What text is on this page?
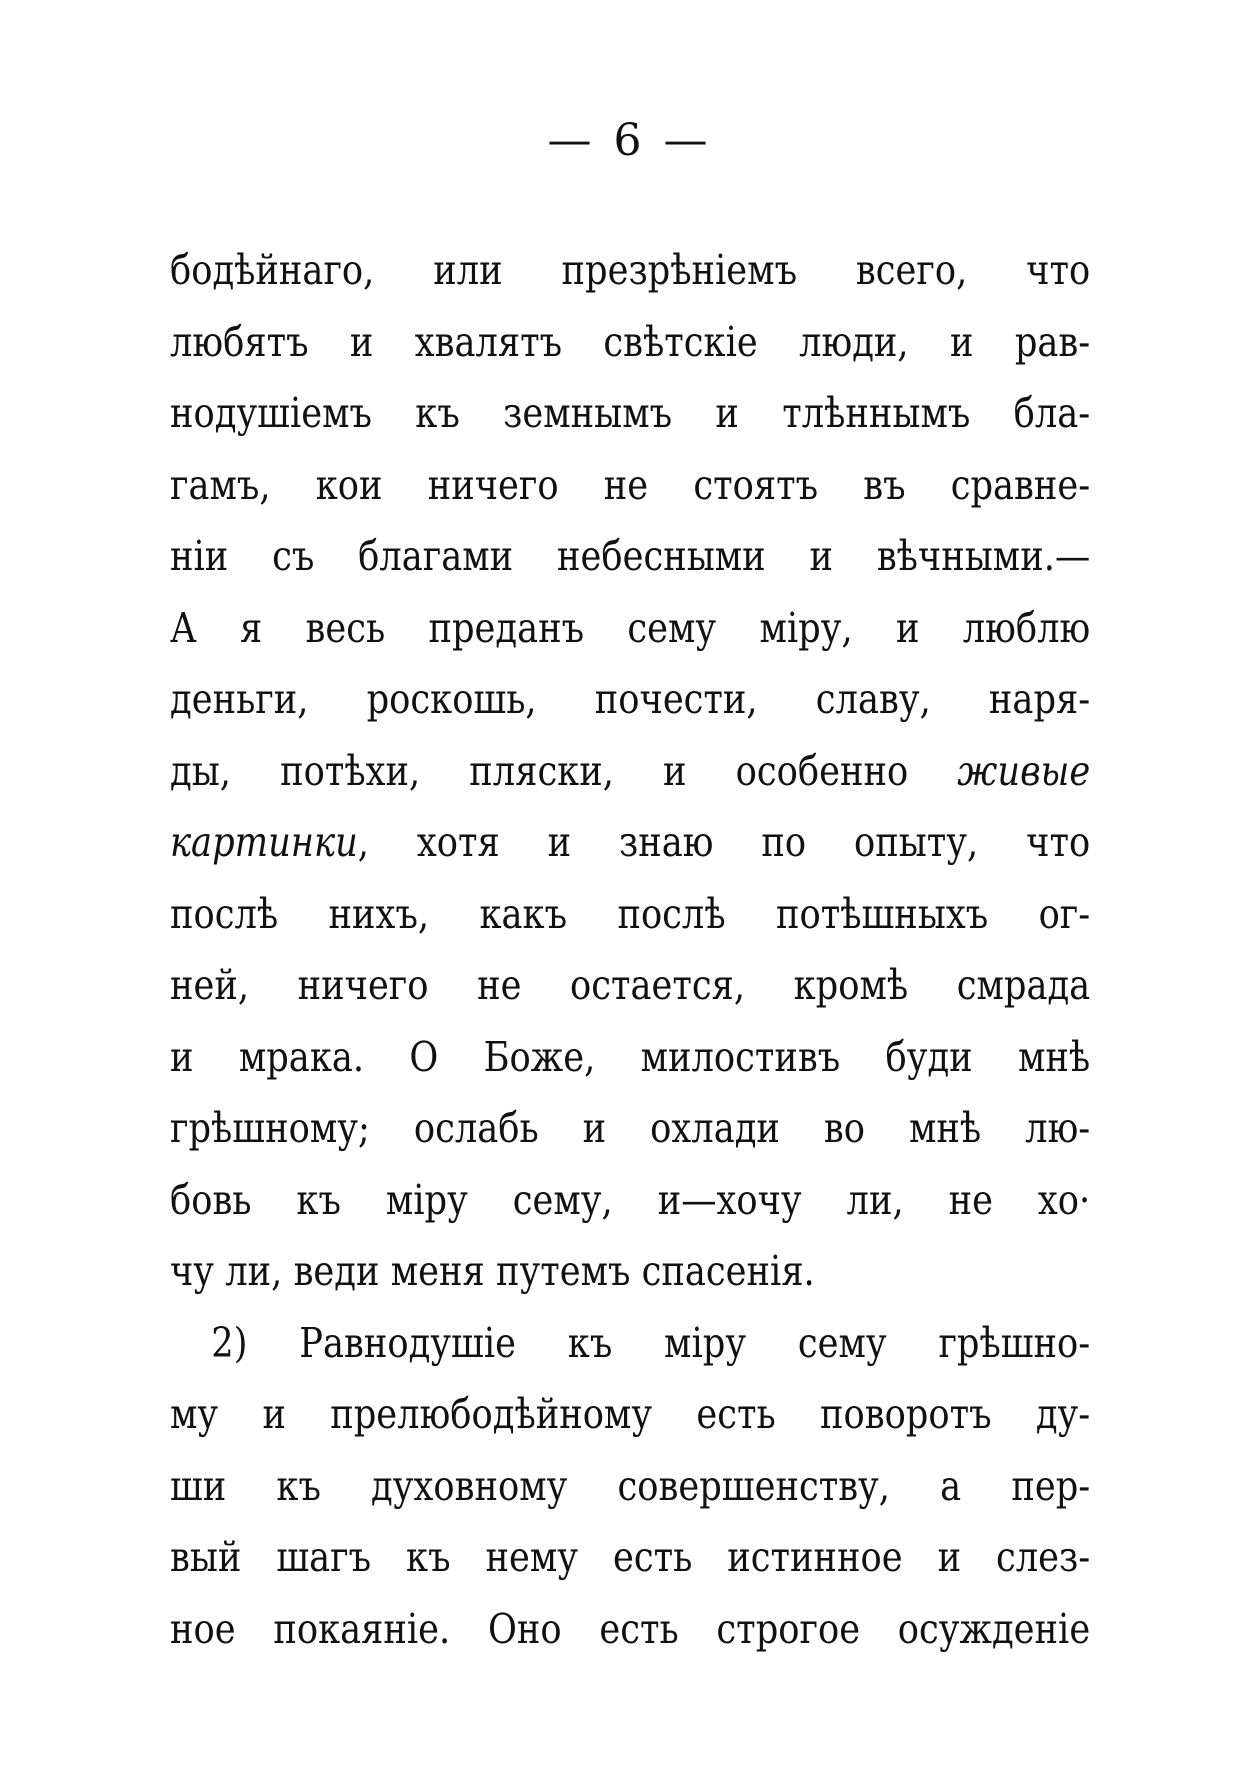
— 6 —
бодѣйнаго, или презрѣніемъ всего, что
любятъ и хвалятъ свѣтскіе люди, и рав-
нодушіемъ къ земнымъ и тлѣннымъ бла-
гамъ, кои ничего не стоятъ въ сравне-
ніи съ благами небесными и вѣчными.—
А я весь преданъ сему міру, и люблю
деньги, роскошь, почести, славу, наря-
ды, потѣхи, пляски, и особенно живые
картинки, хотя и знаю по опыту, что
послѣ нихъ, какъ послѣ потѣшныхъ ог-
ней, ничего не остается, кромѣ смрада
и мрака. О Боже, милостивъ буди мнѣ
грѣшному; ослабь и охлади во мнѣ лю-
бовь къ міру сему, и—хочу ли, не хо·
чу ли, веди меня путемъ спасенія.
2) Равнодушіе къ міру сему грѣшно-
му и прелюбодѣйному есть поворотъ ду-
ши къ духовному совершенству, а пер-
вый шагъ къ нему есть истинное и слез-
ное покаяніе. Оно есть строгое осужденіе
